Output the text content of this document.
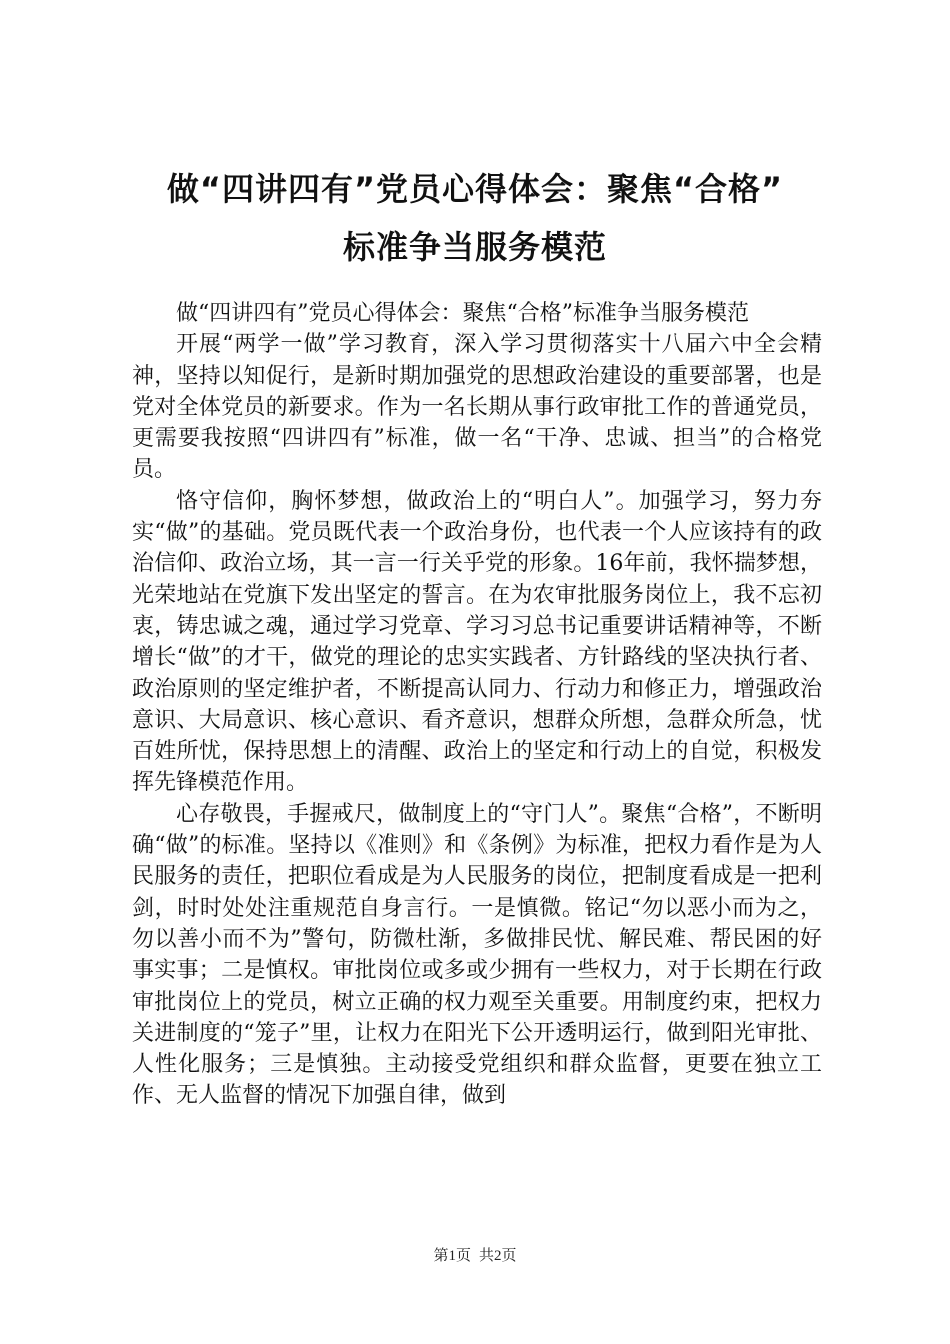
做“四讲四有”党员心得体会：聚焦“合格”
标准争当服务模范

做“四讲四有”党员心得体会：聚焦“合格”标准争当服务模范

开展“两学一做”学习教育，深入学习贯彻落实十八届六中全会精神，坚持以知促行，是新时期加强党的思想政治建设的重要部署，也是党对全体党员的新要求。作为一名长期从事行政审批工作的普通党员，更需要我按照“四讲四有”标准，做一名“干净、忠诚、担当”的合格党员。

恪守信仰，胸怀梦想，做政治上的“明白人”。加强学习，努力夯实“做”的基础。党员既代表一个政治身份，也代表一个人应该持有的政治信仰、政治立场，其一言一行关乎党的形象。16年前，我怀揣梦想，光荣地站在党旗下发出坚定的誓言。在为农审批服务岗位上，我不忘初衷，铸忠诚之魂，通过学习党章、学习习总书记重要讲话精神等，不断增长“做”的才干，做党的理论的忠实实践者、方针路线的坚决执行者、政治原则的坚定维护者，不断提高认同力、行动力和修正力，增强政治意识、大局意识、核心意识、看齐意识，想群众所想，急群众所急，忧百姓所忧，保持思想上的清醒、政治上的坚定和行动上的自觉，积极发挥先锋模范作用。

心存敬畏，手握戒尺，做制度上的“守门人”。聚焦“合格”，不断明确“做”的标准。坚持以《准则》和《条例》为标准，把权力看作是为人民服务的责任，把职位看成是为人民服务的岗位，把制度看成是一把利剑，时时处处注重规范自身言行。一是慎微。铭记“勿以恶小而为之，勿以善小而不为”警句，防微杜渐，多做排民忧、解民难、帮民困的好事实事；二是慎权。审批岗位或多或少拥有一些权力，对于长期在行政审批岗位上的党员，树立正确的权力观至关重要。用制度约束，把权力关进制度的“笼子”里，让权力在阳光下公开透明运行，做到阳光审批、人性化服务；三是慎独。主动接受党组织和群众监督，更要在独立工作、无人监督的情况下加强自律，做到

第1页 共2页
